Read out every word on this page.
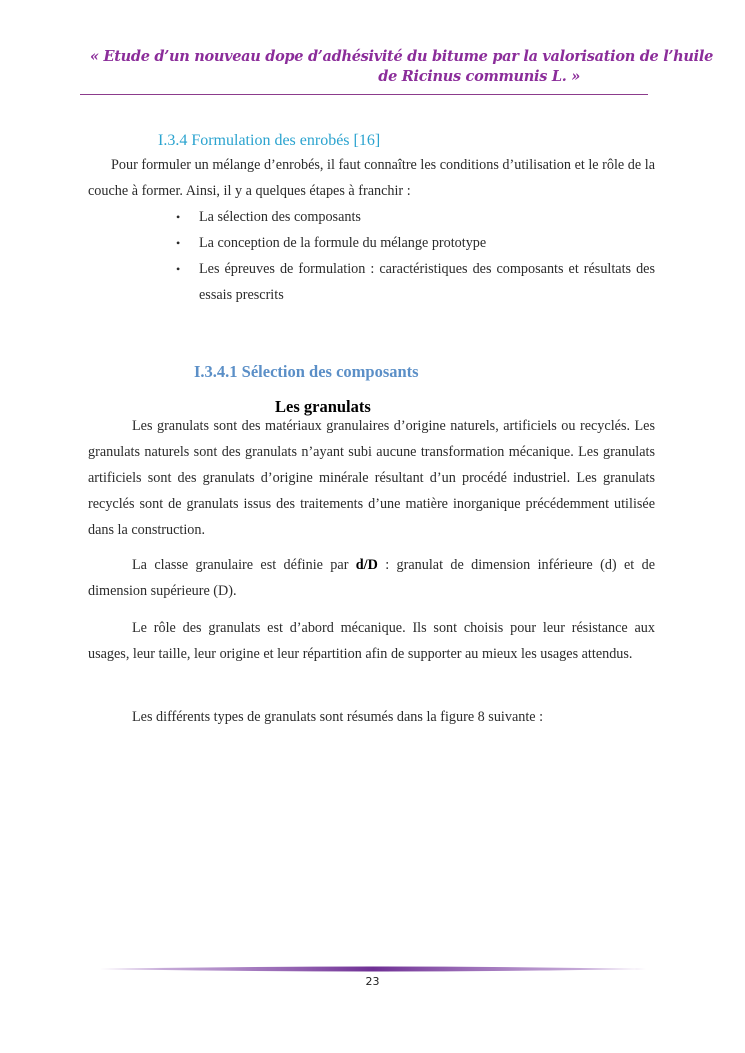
« Etude d’un nouveau dope d’adhésivité du bitume par la valorisation de l’huile
de Ricinus communis L. »
I.3.4 Formulation des enrobés [16]
Pour formuler un mélange d’enrobés, il faut connaître les conditions d’utilisation et le rôle de la couche à former. Ainsi, il y a quelques étapes à franchir :
• La sélection des composants
• La conception de la formule du mélange prototype
• Les épreuves de formulation : caractéristiques des composants et résultats des essais prescrits
I.3.4.1 Sélection des composants
Les granulats
Les granulats sont des matériaux granulaires d’origine naturels, artificiels ou recyclés. Les granulats naturels sont des granulats n’ayant subi aucune transformation mécanique. Les granulats artificiels sont des granulats d’origine minérale résultant d’un procédé industriel. Les granulats recyclés sont de granulats issus des traitements d’une matière inorganique précédemment utilisée dans la construction.
La classe granulaire est définie par d/D : granulat de dimension inférieure (d) et de dimension supérieure (D).
Le rôle des granulats est d’abord mécanique. Ils sont choisis pour leur résistance aux usages, leur taille, leur origine et leur répartition afin de supporter au mieux les usages attendus.
Les différents types de granulats sont résumés dans la figure 8 suivante :
23
